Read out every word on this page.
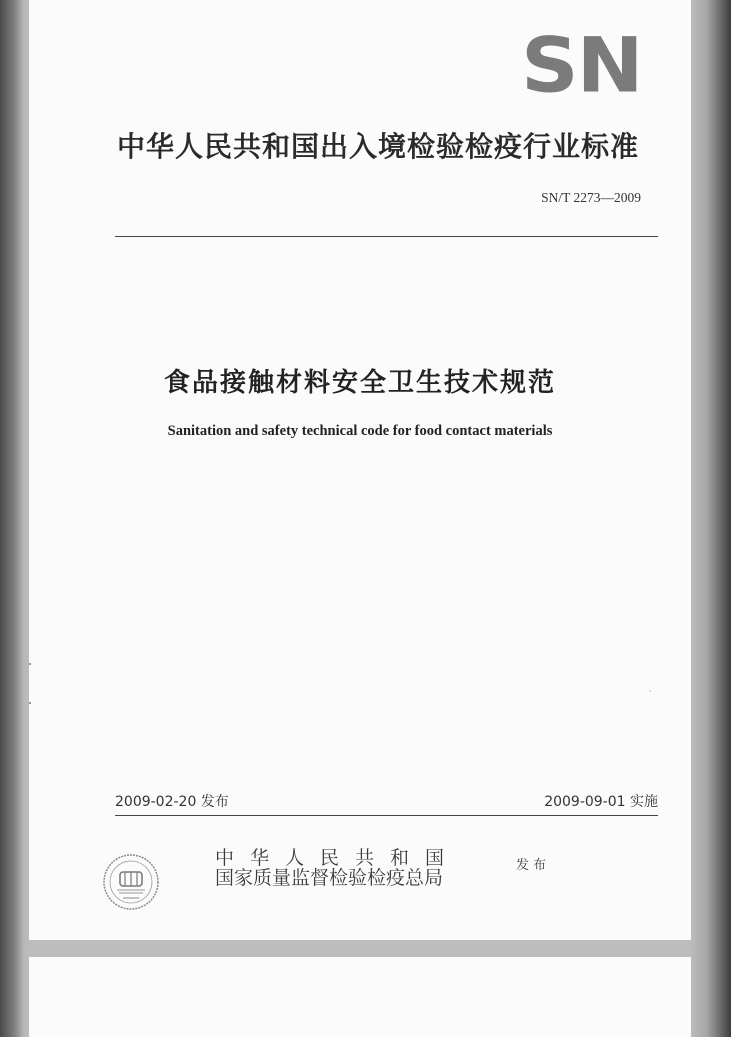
SN
中华人民共和国出入境检验检疫行业标准
SN/T 2273—2009
食品接触材料安全卫生技术规范
Sanitation and safety technical code for food contact materials
2009-02-20 发布	2009-09-01 实施
中华人民共和国
国家质量监督检验检疫总局
发布
